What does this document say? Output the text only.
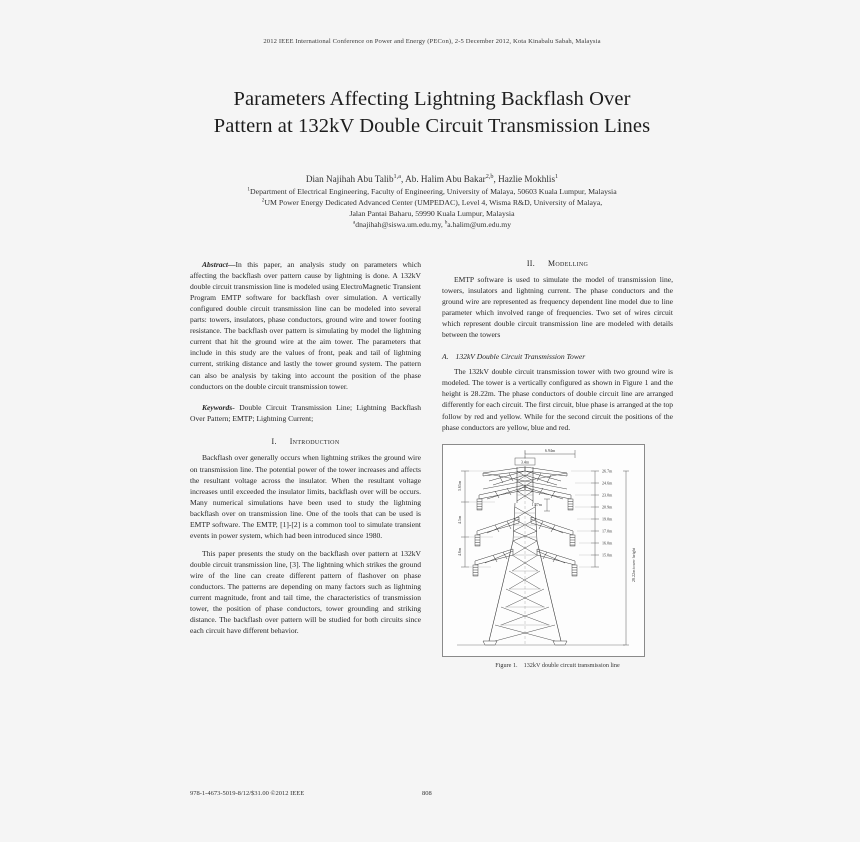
2012 IEEE International Conference on Power and Energy (PECon), 2-5 December 2012, Kota Kinabalu Sabah, Malaysia
Parameters Affecting Lightning Backflash Over
Pattern at 132kV Double Circuit Transmission Lines
Dian Najihah Abu Talib$^{1,a}$, Ab. Halim Abu Bakar$^{2,b}$, Hazlie Mokhlis$^1$
$^1$Department of Electrical Engineering, Faculty of Engineering, University of Malaya, 50603 Kuala Lumpur, Malaysia
$^2$UM Power Energy Dedicated Advanced Center (UMPEDAC), Level 4, Wisma R&D, University of Malaya,
Jalan Pantai Baharu, 59990 Kuala Lumpur, Malaysia
$^a$dnajihah@siswa.um.edu.my, $^b$a.halim@um.edu.my

Abstract—In this paper, an analysis study on parameters which affecting the backflash over pattern cause by lightning is done. A 132kV double circuit transmission line is modeled using ElectroMagnetic Transient Program EMTP software for backflash over simulation. A vertically configured double circuit transmission line can be modeled into several parts: towers, insulators, phase conductors, ground wire and tower footing resistance. The backflash over pattern is simulating by model the lightning current that hit the ground wire at the aim tower. The parameters that include in this study are the values of front, peak and tail of lightning current, striking distance and lastly the tower ground system. The pattern can also be analysis by taking into account the position of the phase conductors on the double circuit transmission tower.

Keywords- Double Circuit Transmission Line; Lightning Backflash Over Pattern; EMTP; Lightning Current;

I. Introduction

Backflash over generally occurs when lightning strikes the ground wire on transmission line. The potential power of the tower increases and affects the resultant voltage across the insulator. When the resultant voltage increases until exceeded the insulator limits, backflash over will be occurs. Many numerical simulations have been used to study the lightning backflash over on transmission line. One of the tools that can be used is EMTP software. The EMTP, [1]-[2] is a common tool to simulate transient events in power system, which had been introduced since 1980.

This paper presents the study on the backflash over pattern at 132kV double circuit transmission line, [3]. The lightning which strikes the ground wire of the line can create different pattern of flashover on phase conductors. The patterns are depending on many factors such as lightning current magnitude, front and tail time, the characteristics of transmission tower, the position of phase conductors, tower grounding and striking distance. The backflash over pattern will be studied for both circuits since each circuit have different behavior.

II. Modelling

EMTP software is used to simulate the model of transmission line, towers, insulators and lightning current. The phase conductors and the ground wire are represented as frequency dependent line model due to line parameter which involved range of frequencies. Two set of wires circuit which represent double circuit transmission line are modeled with details between the towers

A. 132kV Double Circuit Transmission Tower

The 132kV double circuit transmission tower with two ground wire is modeled. The tower is a vertically configured as shown in Figure 1 and the height is 28.22m. The phase conductors of double circuit line are arranged differently for each circuit. The first circuit, blue phase is arranged at the top follow by red and yellow. While for the second circuit the positions of the phase conductors are yellow, blue and red.

6.94m
3.4m
1.27m
3.65m
4.5m
4.6m
26.7m
24.6m
23.0m
20.9m
19.0m
17.0m
16.0m
15.0m	28.22m tower height
Figure 1. 132kV double circuit transmission line
978-1-4673-5019-8/12/$31.00 ©2012 IEEE	808
